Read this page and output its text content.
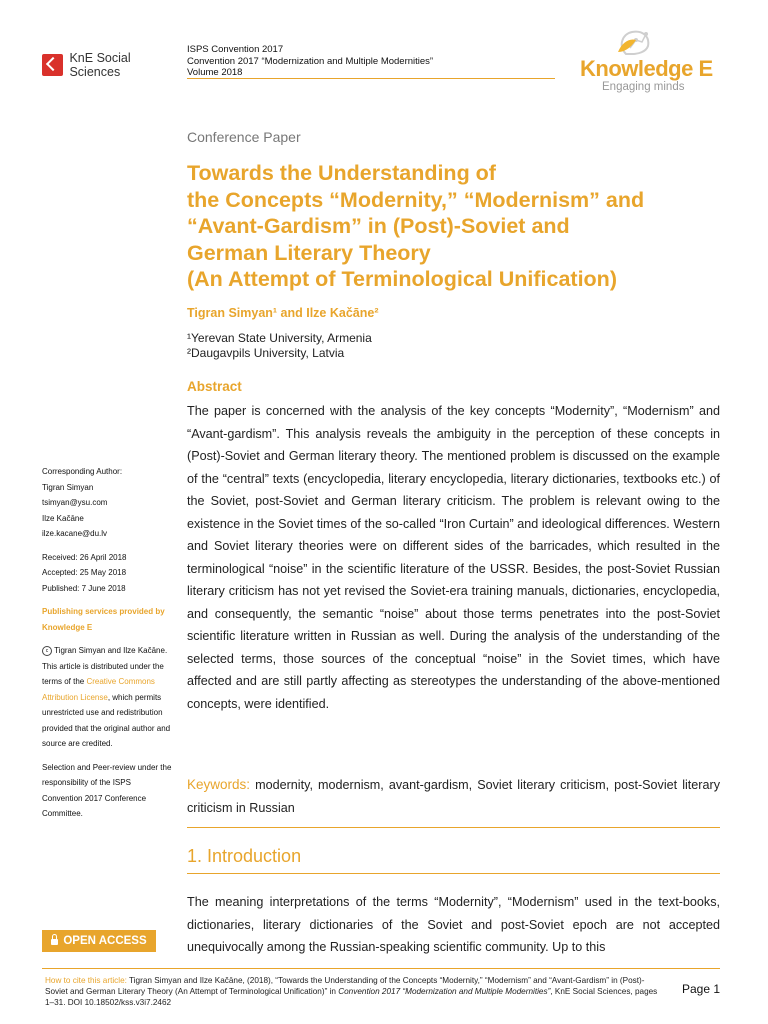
KnE Social Sciences
ISPS Convention 2017
Convention 2017 “Modernization and Multiple Modernities”
Volume 2018	Knowledge E
Engaging minds
Conference Paper
Towards the Understanding of
the Concepts “Modernity,” “Modernism” and
“Avant-Gardism” in (Post)-Soviet and
German Literary Theory
(An Attempt of Terminological Unification)
Tigran Simyan¹ and Ilze Kačāne²
¹Yerevan State University, Armenia
²Daugavpils University, Latvia
Abstract

The paper is concerned with the analysis of the key concepts “Modernity”, “Modernism” and “Avant-gardism”. This analysis reveals the ambiguity in the perception of these concepts in (Post)-Soviet and German literary theory. The mentioned problem is discussed on the example of the “central” texts (encyclopedia, literary encyclopedia, literary dictionaries, textbooks etc.) of the Soviet, post-Soviet and German literary criticism. The problem is relevant owing to the existence in the Soviet times of the so-called “Iron Curtain” and ideological differences. Western and Soviet literary theories were on different sides of the barricades, which resulted in the terminological “noise” in the scientific literature of the USSR. Besides, the post-Soviet Russian literary criticism has not yet revised the Soviet-era training manuals, dictionaries, encyclopedia, and consequently, the semantic “noise” about those terms penetrates into the post-Soviet scientific literature written in Russian as well. During the analysis of the understanding of the selected terms, those sources of the conceptual “noise” in the Soviet times, which have affected and are still partly affecting as stereotypes the understanding of the above-mentioned concepts, were identified.

Keywords: modernity, modernism, avant-gardism, Soviet literary criticism, post-Soviet literary criticism in Russian

1. Introduction

The meaning interpretations of the terms “Modernity”, “Modernism” used in the text-books, dictionaries, literary dictionaries of the Soviet and post-Soviet epoch are not accepted unequivocally among the Russian-speaking scientific community. Up to this

Corresponding Author:

Tigran Simyan

tsimyan@ysu.com

Ilze Kačāne

ilze.kacane@du.lv

Received: 26 April 2018

Accepted: 25 May 2018

Published: 7 June 2018

Publishing services provided by Knowledge E

c Tigran Simyan and Ilze Kačāne. This article is distributed under the terms of the Creative Commons Attribution License, which permits unrestricted use and redistribution provided that the original author and source are credited.

Selection and Peer-review under the responsibility of the ISPS Convention 2017 Conference Committee.

OPEN ACCESS

How to cite this article: Tigran Simyan and Ilze Kačāne, (2018), “Towards the Understanding of the Concepts “Modernity,” “Modernism” and “Avant-Gardism” in (Post)-Soviet and German Literary Theory (An Attempt of Terminological Unification)” in Convention 2017 “Modernization and Multiple Modernities”, KnE Social Sciences, pages 1–31. DOI 10.18502/kss.v3i7.2462

Page 1
